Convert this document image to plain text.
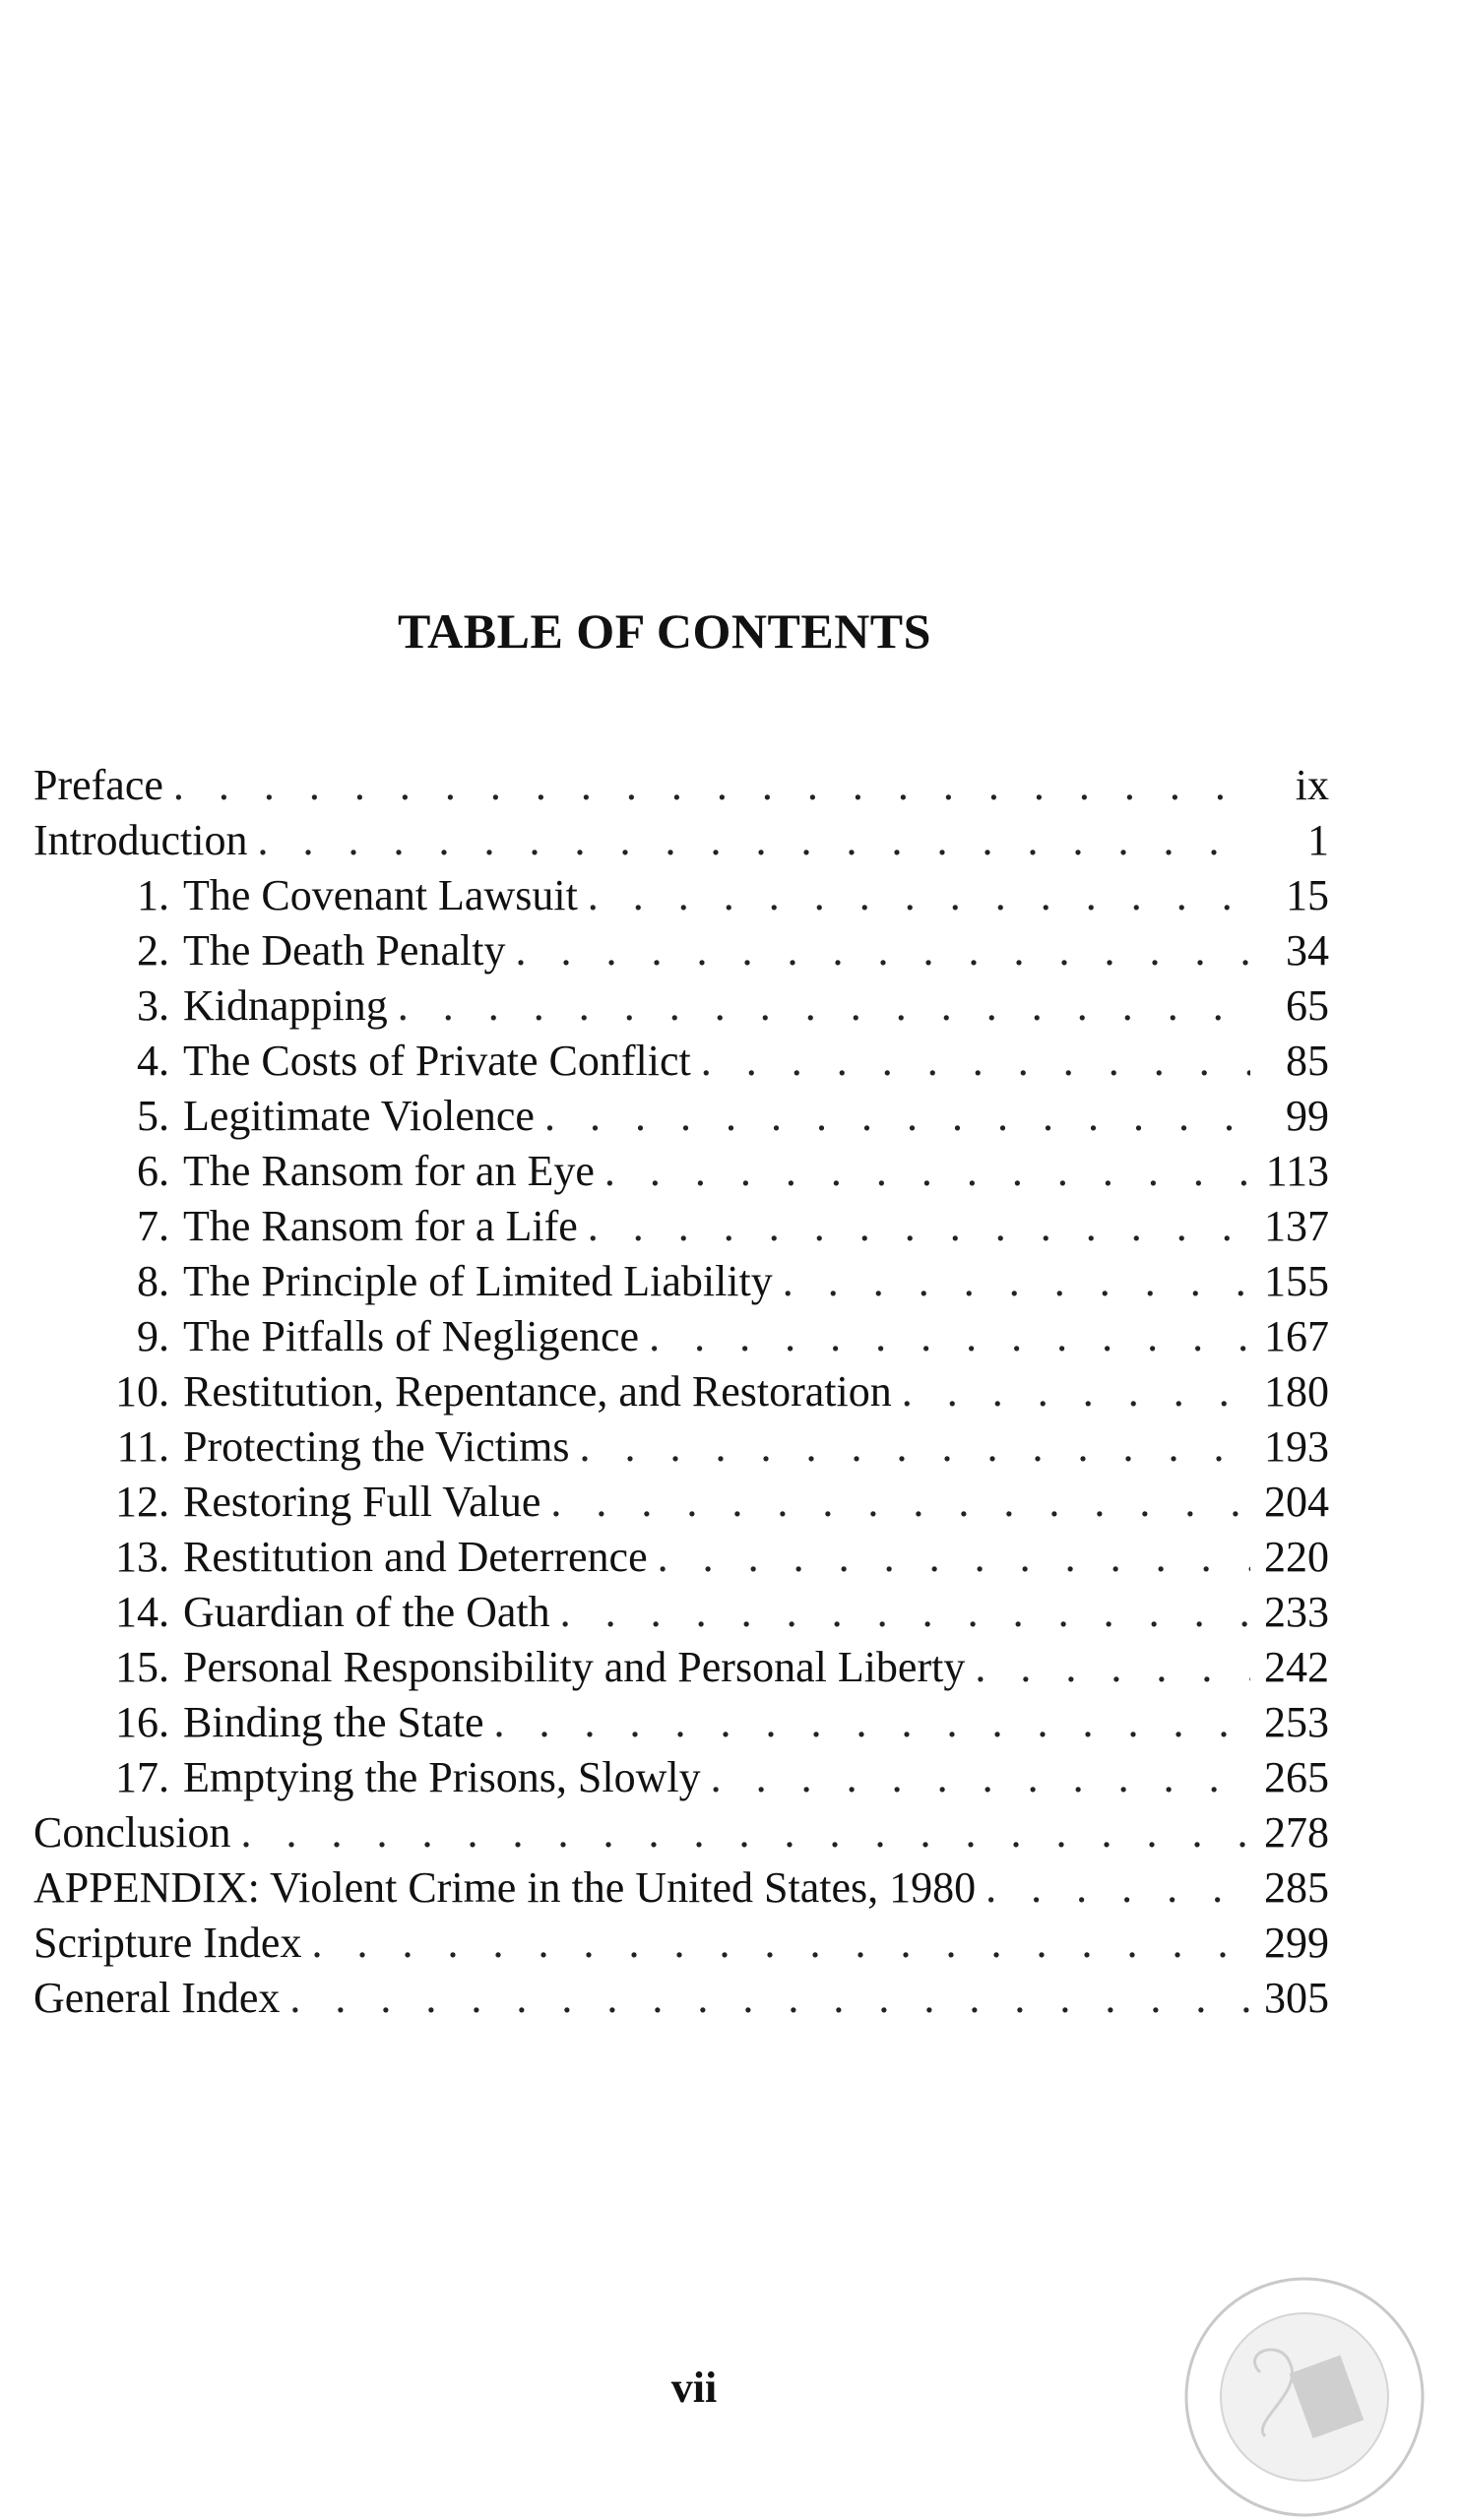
TABLE OF CONTENTS
Preface . . .	ix
Introduction . . .	1
1. The Covenant Lawsuit . . .	15
2. The Death Penalty . . .	34
3. Kidnapping . . .	65
4. The Costs of Private Conflict . . .	85
5. Legitimate Violence . . .	99
6. The Ransom for an Eye . . .	113
7. The Ransom for a Life . . .	137
8. The Principle of Limited Liability . . .	155
9. The Pitfalls of Negligence . . .	167
10. Restitution, Repentance, and Restoration . . .	180
11. Protecting the Victims . . .	193
12. Restoring Full Value . . .	204
13. Restitution and Deterrence . . .	220
14. Guardian of the Oath . . .	233
15. Personal Responsibility and Personal Liberty . . .	242
16. Binding the State . . .	253
17. Emptying the Prisons, Slowly . . .	265
Conclusion . . .	278
APPENDIX: Violent Crime in the United States, 1980 . . .	285
Scripture Index . . .	299
General Index . . .	305
vii
